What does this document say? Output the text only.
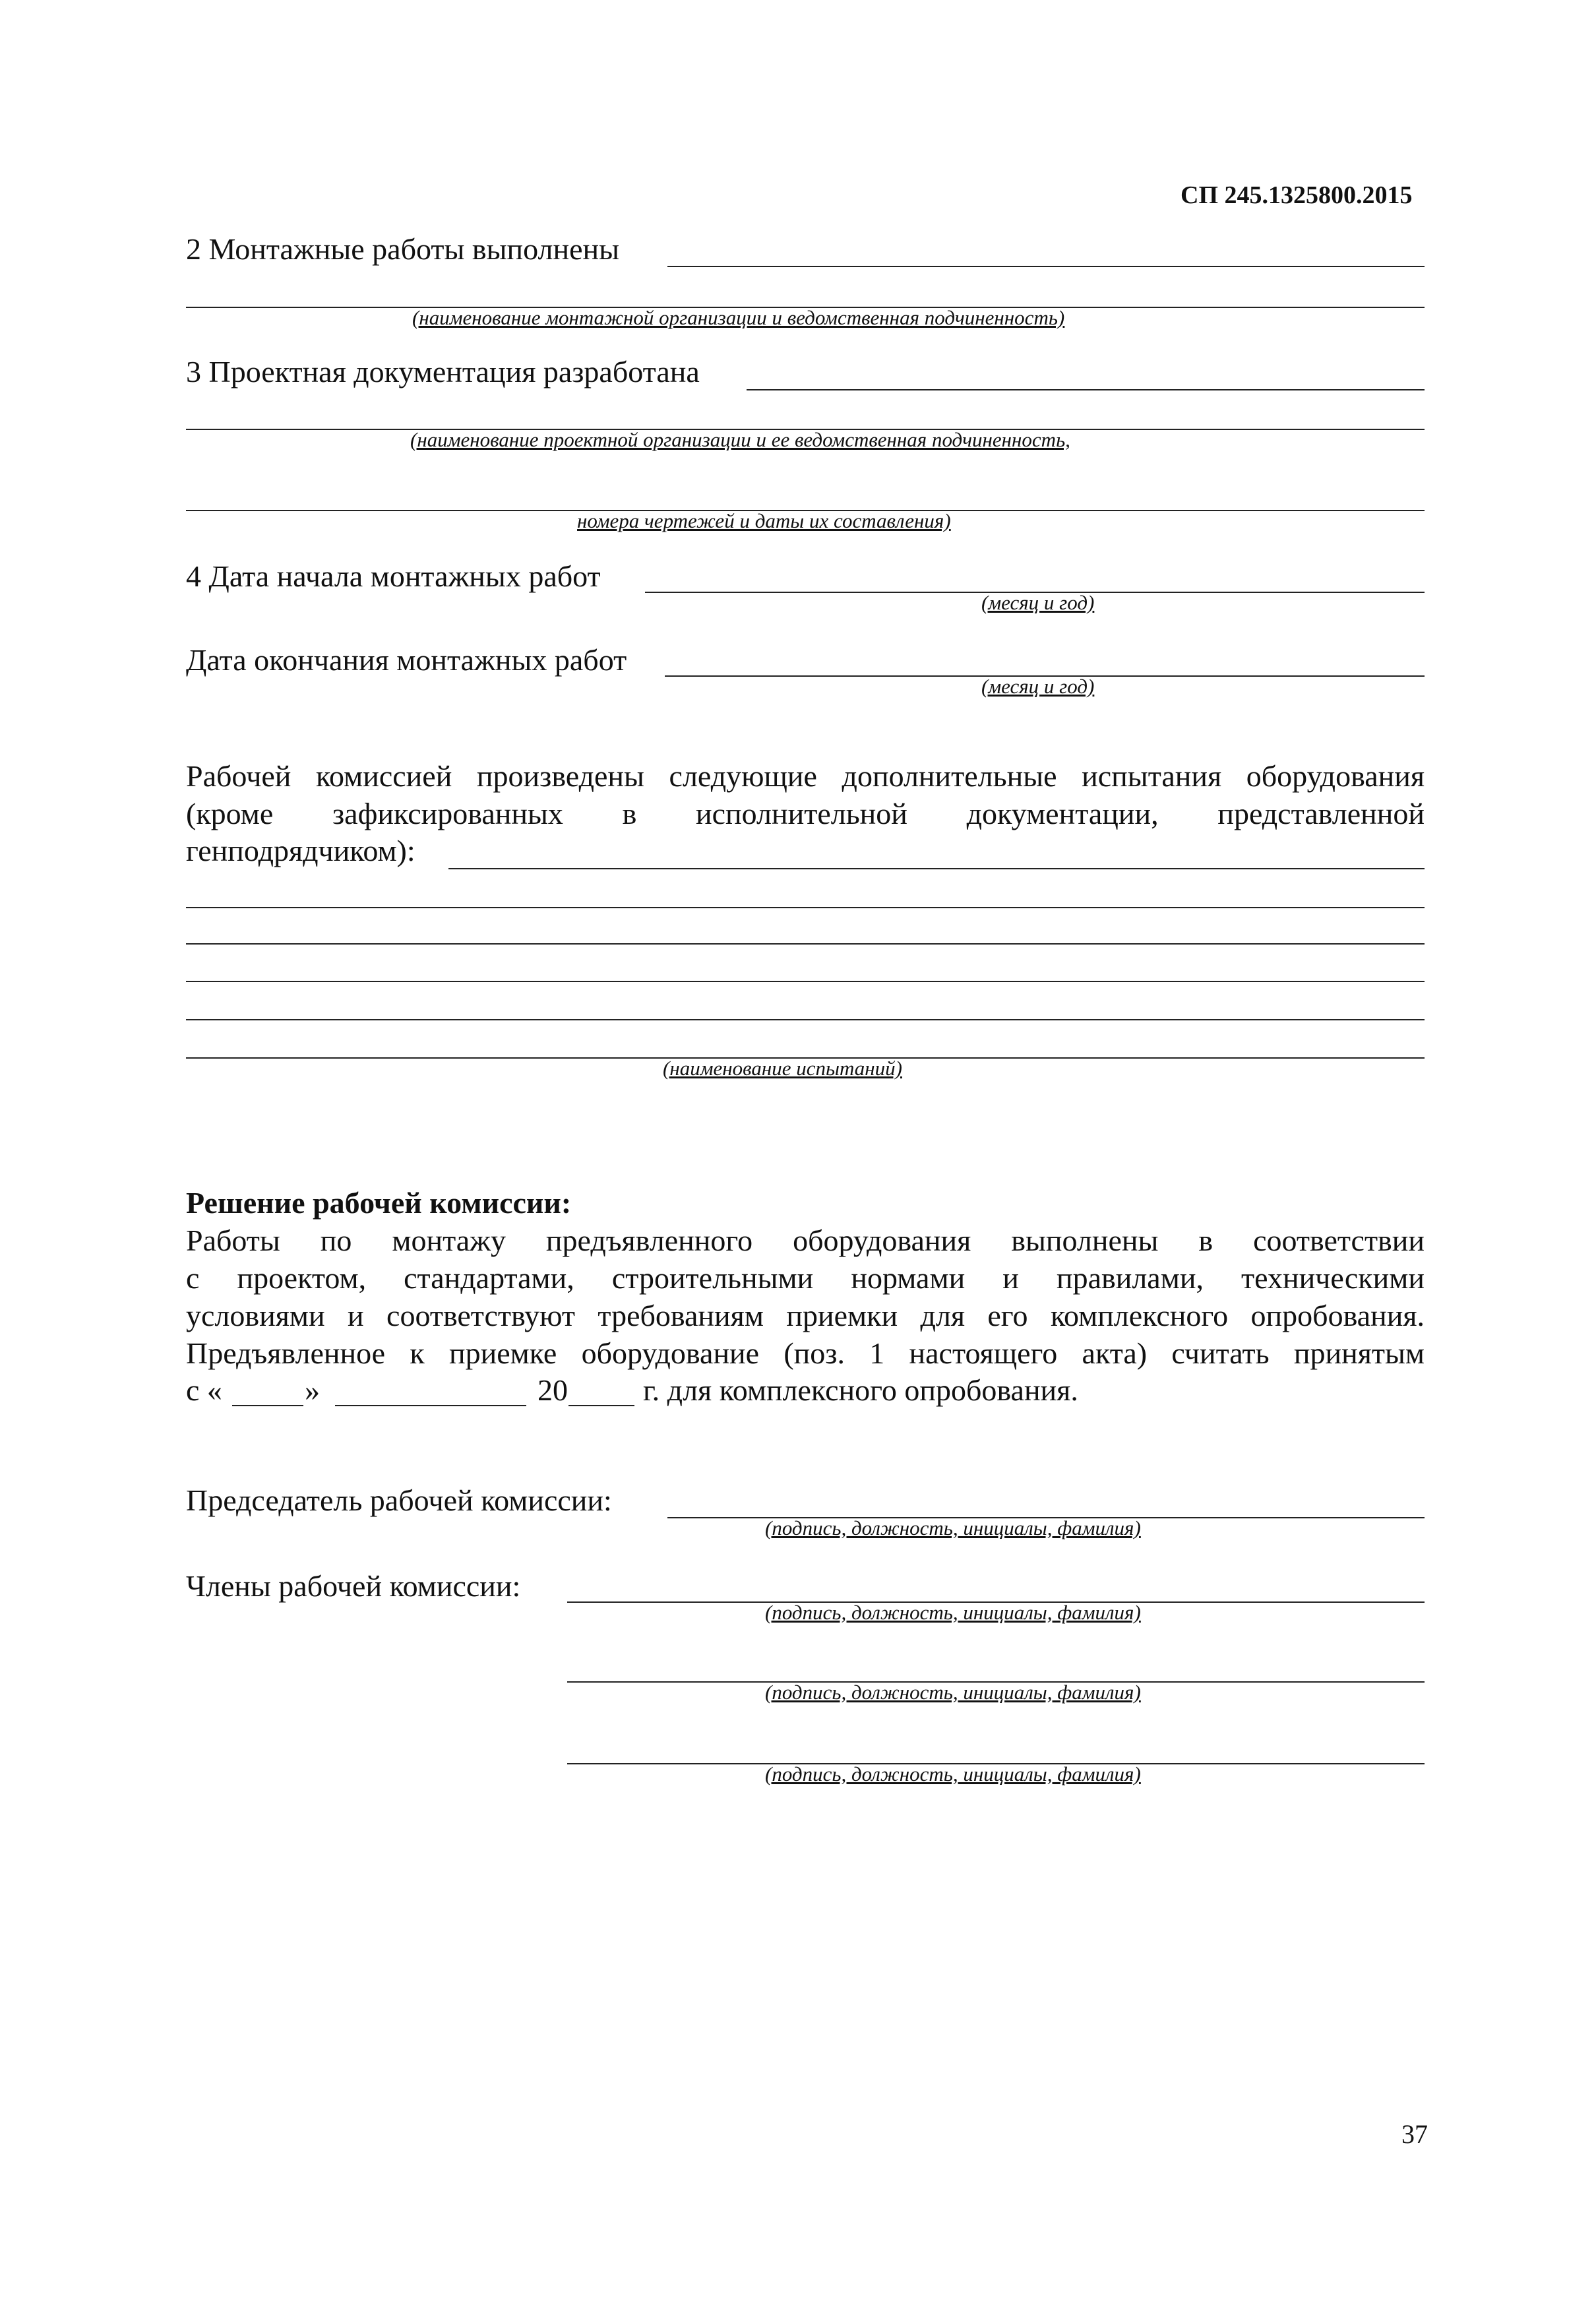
СП 245.1325800.2015
2 Монтажные работы выполнены
(наименование монтажной организации и ведомственная подчиненность)
3 Проектная документация разработана
(наименование проектной организации и ее ведомственная подчиненность,
номера чертежей и даты их составления)
4 Дата начала монтажных работ
(месяц и год)
Дата окончания монтажных работ
(месяц и год)
Рабочей комиссией произведены следующие дополнительные испытания оборудования
(кроме зафиксированных в исполнительной документации, представленной
генподрядчиком):
(наименование испытаний)
Решение рабочей комиссии:
Работы по монтажу предъявленного оборудования выполнены в соответствии
с проектом, стандартами, строительными нормами и правилами, техническими
условиями и соответствуют требованиям приемки для его комплексного опробования.
Предъявленное к приемке оборудование (поз. 1 настоящего акта) считать принятым
с «	»	20 г. для комплексного опробования.
Председатель рабочей комиссии:
(подпись, должность, инициалы, фамилия)
Члены рабочей комиссии:
(подпись, должность, инициалы, фамилия)
(подпись, должность, инициалы, фамилия)
(подпись, должность, инициалы, фамилия)
37
